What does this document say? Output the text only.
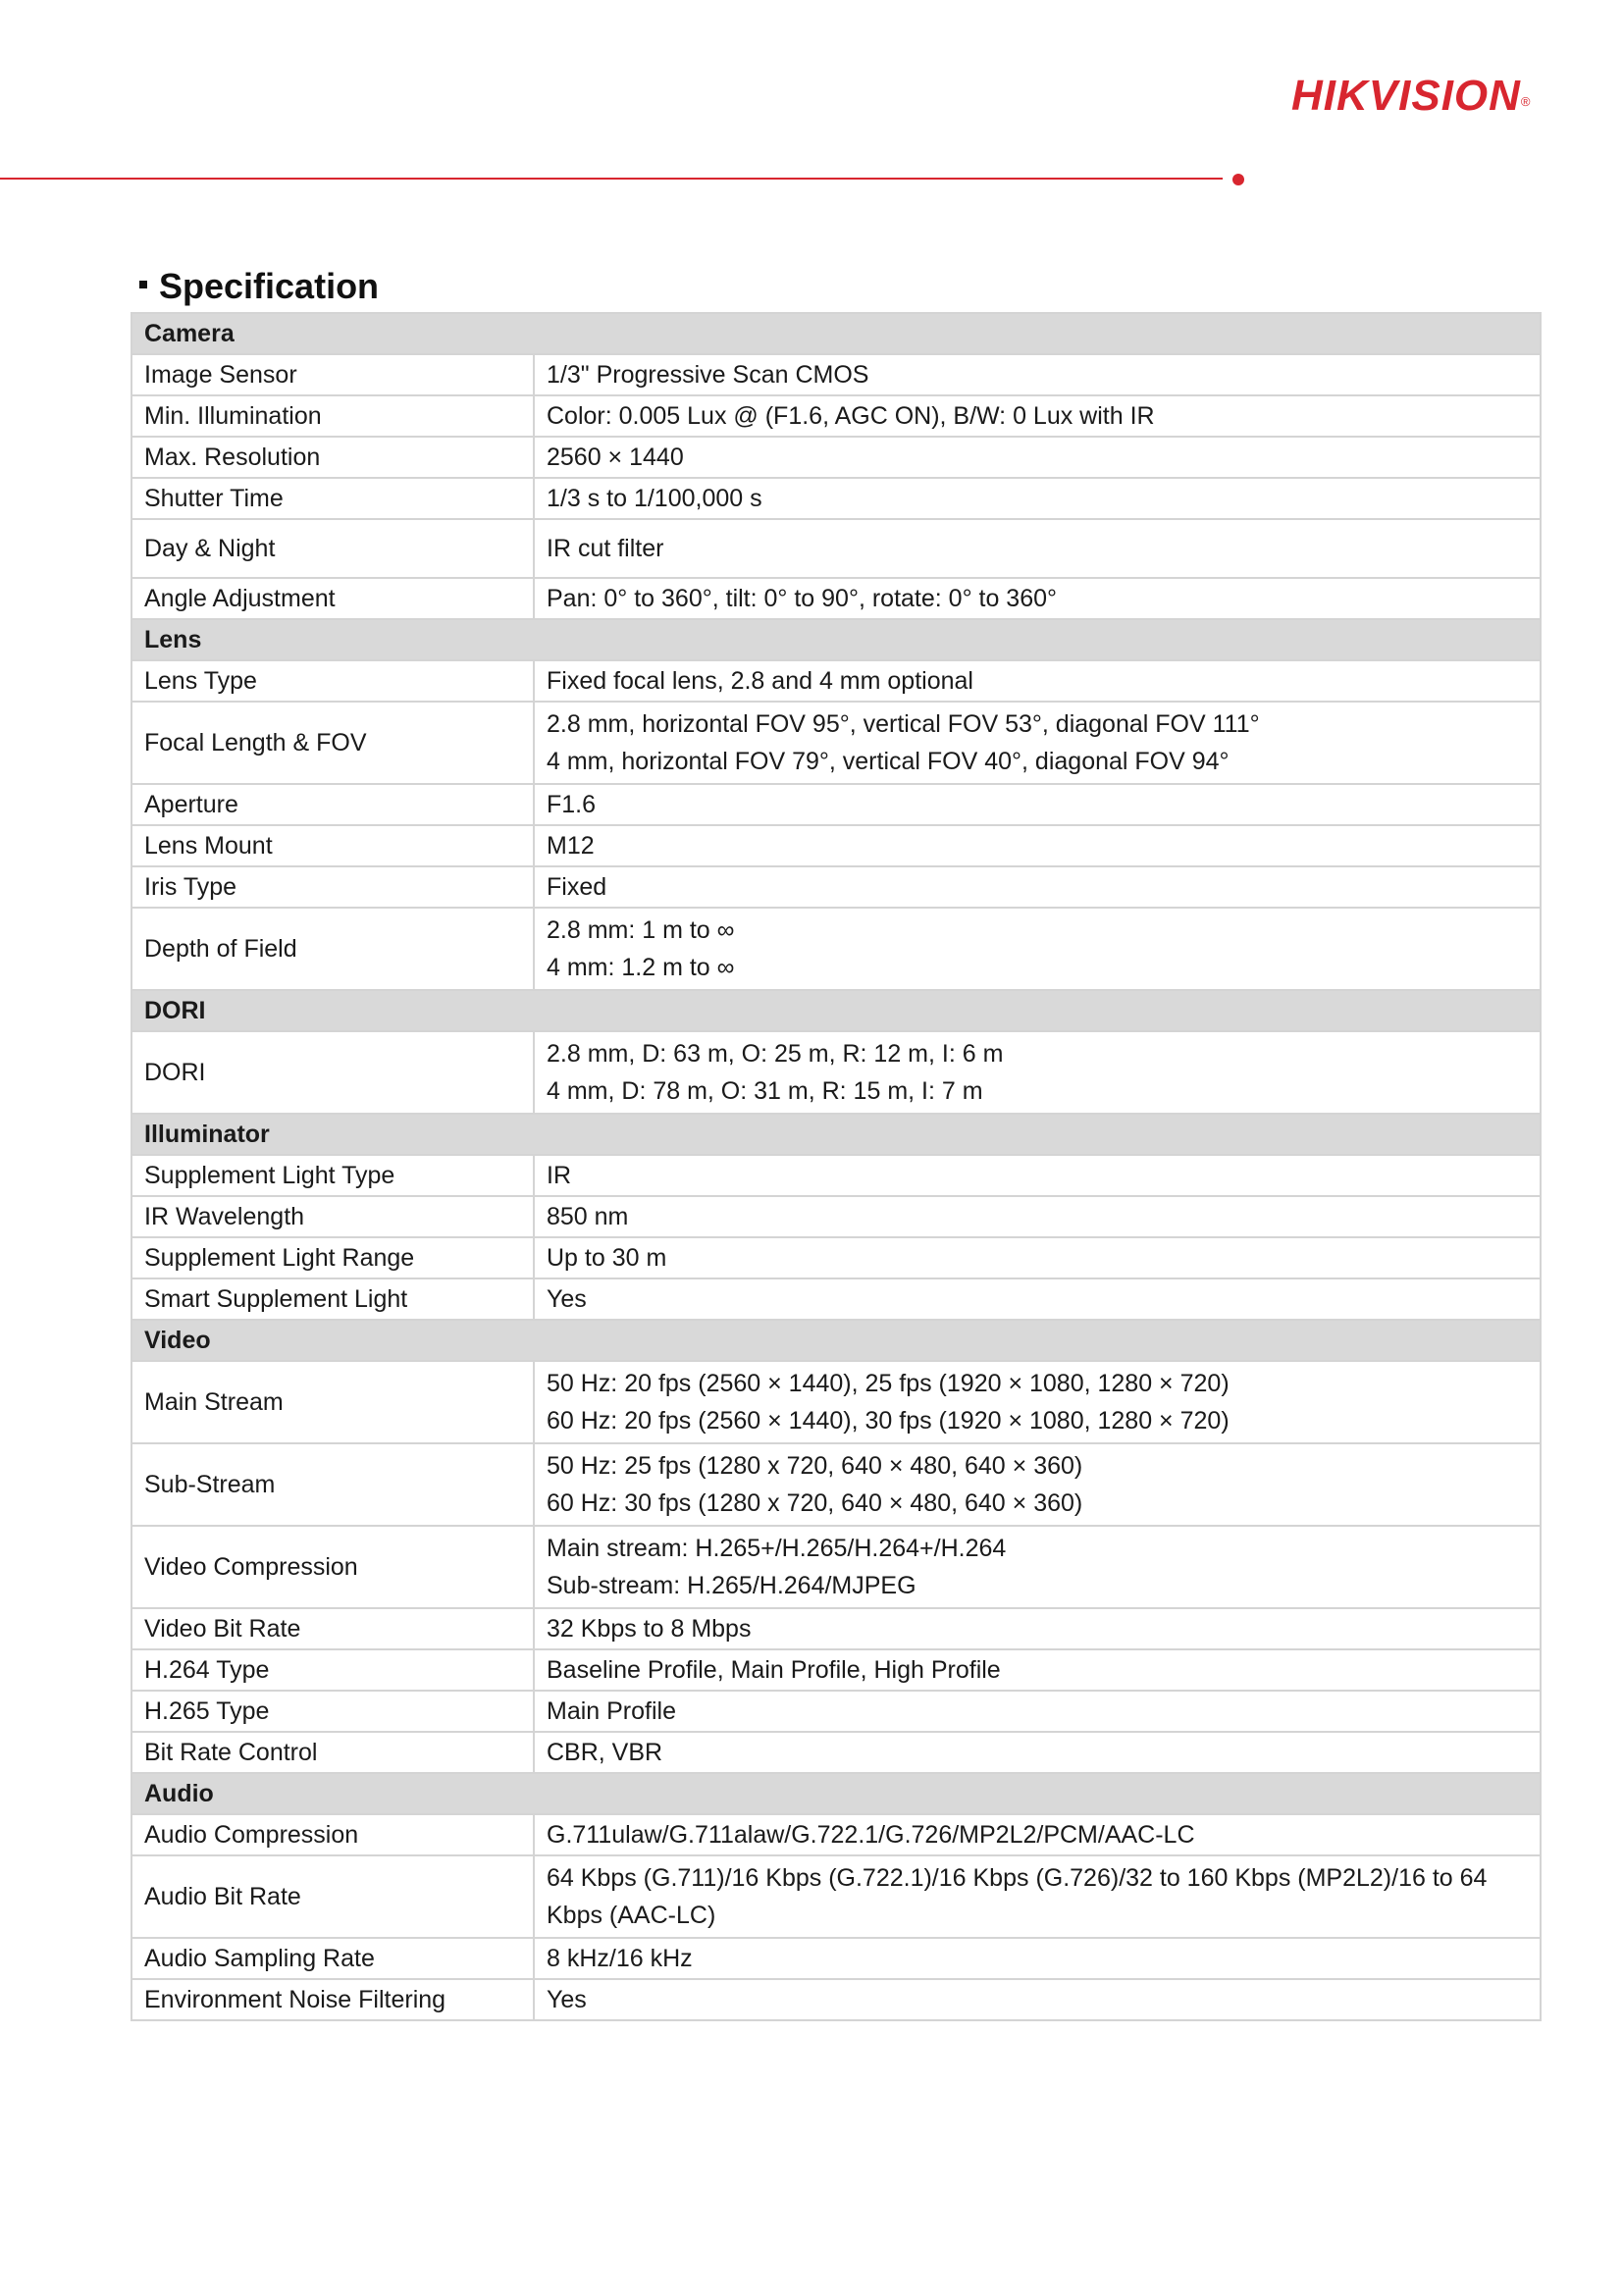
HIKVISION®
Specification
Camera	
Image Sensor	1/3" Progressive Scan CMOS

Min. Illumination	Color: 0.005 Lux @ (F1.6, AGC ON), B/W: 0 Lux with IR

Max. Resolution	2560 × 1440

Shutter Time	1/3 s to 1/100,000 s

Day & Night	IR cut filter

Angle Adjustment	Pan: 0° to 360°, tilt: 0° to 90°, rotate: 0° to 360°

Lens	
Lens Type	Fixed focal lens, 2.8 and 4 mm optional

Focal Length & FOV	2.8 mm, horizontal FOV 95°, vertical FOV 53°, diagonal FOV 111°
4 mm, horizontal FOV 79°, vertical FOV 40°, diagonal FOV 94°

Aperture	F1.6

Lens Mount	M12

Iris Type	Fixed

Depth of Field	2.8 mm: 1 m to ∞
4 mm: 1.2 m to ∞

DORI	
DORI	2.8 mm, D: 63 m, O: 25 m, R: 12 m, I: 6 m
4 mm, D: 78 m, O: 31 m, R: 15 m, I: 7 m

Illuminator	
Supplement Light Type	IR

IR Wavelength	850 nm

Supplement Light Range	Up to 30 m

Smart Supplement Light	Yes

Video	
Main Stream	50 Hz: 20 fps (2560 × 1440), 25 fps (1920 × 1080, 1280 × 720)
60 Hz: 20 fps (2560 × 1440), 30 fps (1920 × 1080, 1280 × 720)

Sub-Stream	50 Hz: 25 fps (1280 x 720, 640 × 480, 640 × 360)
60 Hz: 30 fps (1280 x 720, 640 × 480, 640 × 360)

Video Compression	Main stream: H.265+/H.265/H.264+/H.264
Sub-stream: H.265/H.264/MJPEG

Video Bit Rate	32 Kbps to 8 Mbps

H.264 Type	Baseline Profile, Main Profile, High Profile

H.265 Type	Main Profile

Bit Rate Control	CBR, VBR

Audio	
Audio Compression	G.711ulaw/G.711alaw/G.722.1/G.726/MP2L2/PCM/AAC-LC

Audio Bit Rate	64 Kbps (G.711)/16 Kbps (G.722.1)/16 Kbps (G.726)/32 to 160 Kbps (MP2L2)/16 to 64 Kbps (AAC-LC)

Audio Sampling Rate	8 kHz/16 kHz

Environment Noise Filtering	Yes
